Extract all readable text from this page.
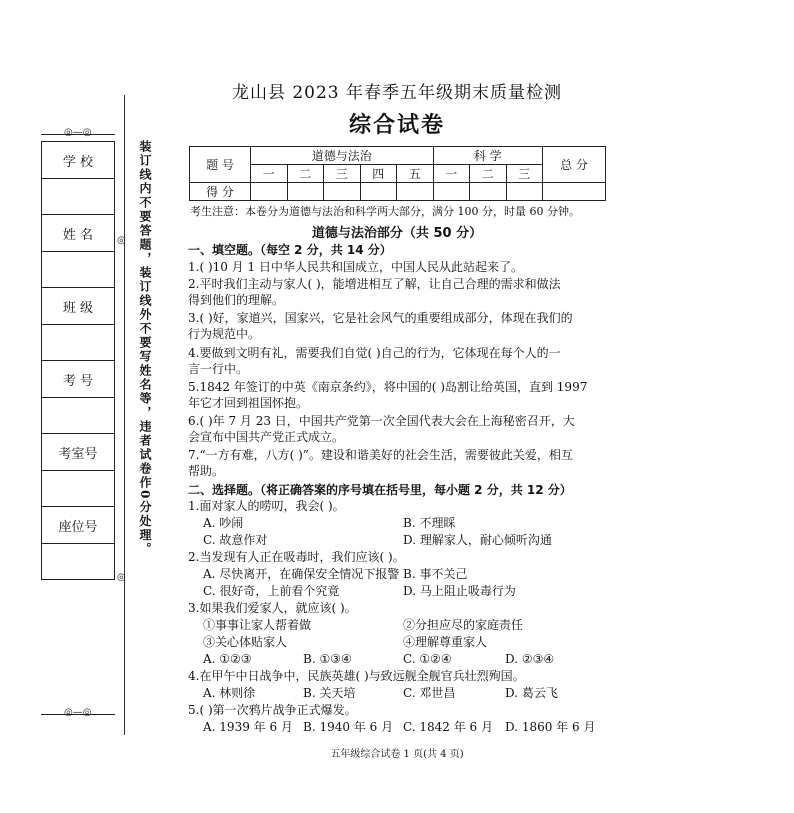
◎—◎
学 校

姓 名

班 级

考 号

考室号

座位号

◎—◎
◎
◎
装订线内不要答题，装订线外不要写姓名等，违者试卷作0分处理。
龙山县 2023 年春季五年级期末质量检测
综合试卷
题 号	道德与法治					科 学			总 分
	一	二	三	四	五	一	二	三	
得 分									
考生注意：本卷分为道德与法治和科学两大部分，满分 100 分，时量 60 分钟。
道德与法治部分（共 50 分）
一、填空题。（每空 2 分，共 14 分）
1.( )10 月 1 日中华人民共和国成立，中国人民从此站起来了。
2.平时我们主动与家人( )，能增进相互了解，让自己合理的需求和做法
得到他们的理解。
3.( )好，家道兴，国家兴，它是社会风气的重要组成部分，体现在我们的
行为规范中。
4.要做到文明有礼，需要我们自觉( )自己的行为，它体现在每个人的一
言一行中。
5.1842 年签订的中英《南京条约》，将中国的( )岛割让给英国，直到 1997
年它才回到祖国怀抱。
6.( )年 7 月 23 日，中国共产党第一次全国代表大会在上海秘密召开，大
会宣布中国共产党正式成立。
7.“一方有难，八方( )”。建设和谐美好的社会生活，需要彼此关爱，相互
帮助。
二、选择题。（将正确答案的序号填在括号里，每小题 2 分，共 12 分）
1.面对家人的唠叨，我会( )。
A. 吵闹	B. 不理睬
C. 故意作对	D. 理解家人，耐心倾听沟通
2.当发现有人正在吸毒时，我们应该( )。
A. 尽快离开，在确保安全情况下报警 B. 事不关己
C. 很好奇，上前看个究竟	D. 马上阻止吸毒行为
3.如果我们爱家人，就应该( )。
①事事让家人帮着做	②分担应尽的家庭责任
③关心体贴家人	④理解尊重家人
A. ①②③	B. ①③④	C. ①②④	D. ②③④
4.在甲午中日战争中，民族英雄( )与致远舰全舰官兵壮烈殉国。
A. 林则徐	B. 关天培	C. 邓世昌	D. 葛云飞
5.( )第一次鸦片战争正式爆发。
A. 1939 年 6 月 B. 1940 年 6 月 C. 1842 年 6 月 D. 1860 年 6 月
五年级综合试卷 1 页(共 4 页)
